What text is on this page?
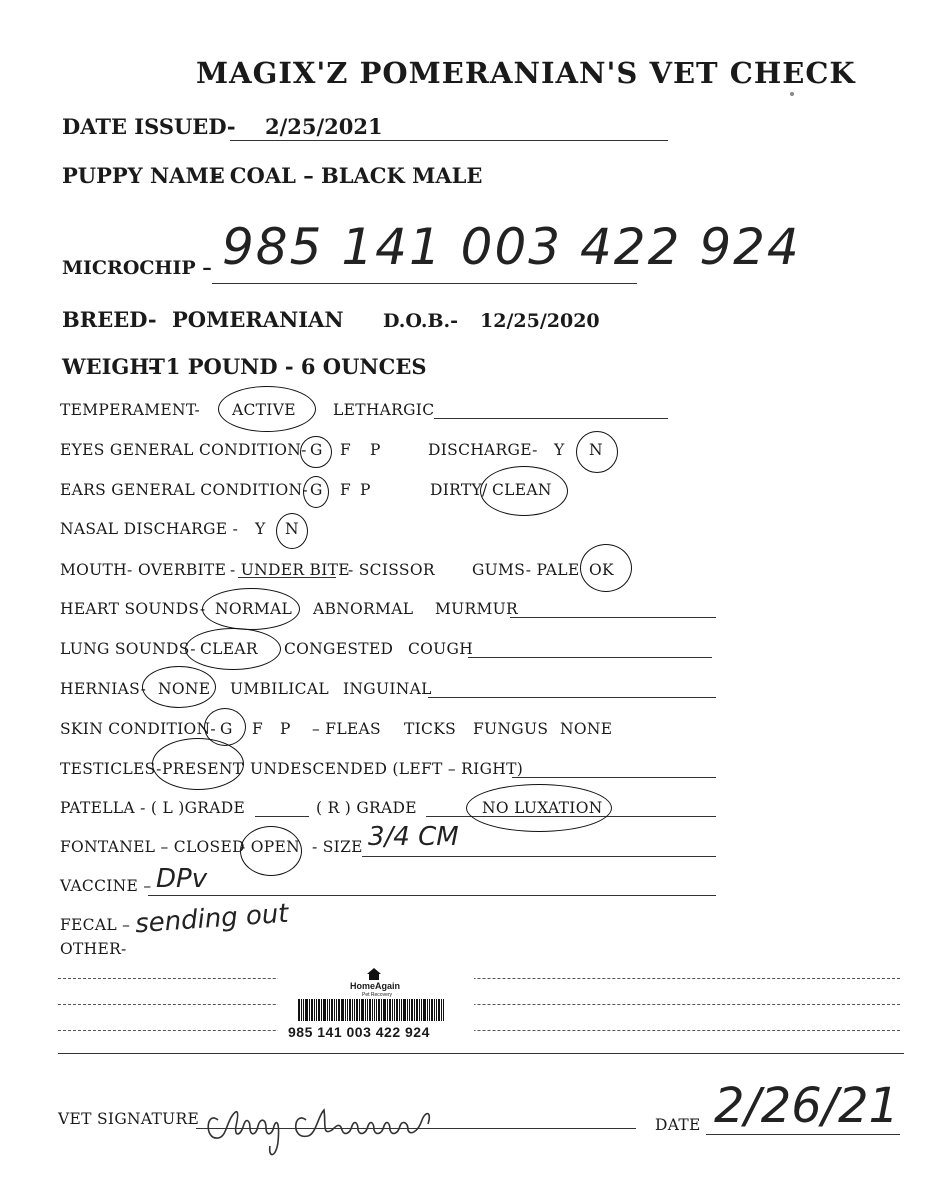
MAGIX'Z POMERANIAN'S VET CHECK
DATE ISSUED- 2/25/2021
PUPPY NAME
– COAL – BLACK MALE
MICROCHIP – 985 141 003 422 924
BREED- POMERANIAN D.O.B.- 12/25/2020
WEIGHT
– 1 POUND - 6 OUNCES
TEMPERAMENT- ACTIVE LETHARGIC
EYES GENERAL CONDITION- G F P	DISCHARGE- Y N
EARS GENERAL CONDITION- G F P	DIRTY/ CLEAN
NASAL DISCHARGE - Y N
MOUTH- OVERBITE - UNDER BITE
- SCISSOR GUMS- PALE OK
HEART SOUNDS- NORMAL ABNORMAL MURMUR
LUNG SOUNDS- CLEAR CONGESTED COUGH
HERNIAS- NONE UMBILICAL INGUINAL
SKIN CONDITION- G F P – FLEAS TICKS FUNGUS NONE
TESTICLES- PRESENT UNDESCENDED (LEFT – RIGHT)
PATELLA - ( L )GRADE	( R ) GRADE	NO LUXATION
FONTANEL – CLOSED
- OPEN - SIZE 3/4 CM
VACCINE – DPv
FECAL – sending out
OTHER-
HomeAgain
Pet Recovery
985 141 003 422 924
VET SIGNATURE	DATE 2/26/21
